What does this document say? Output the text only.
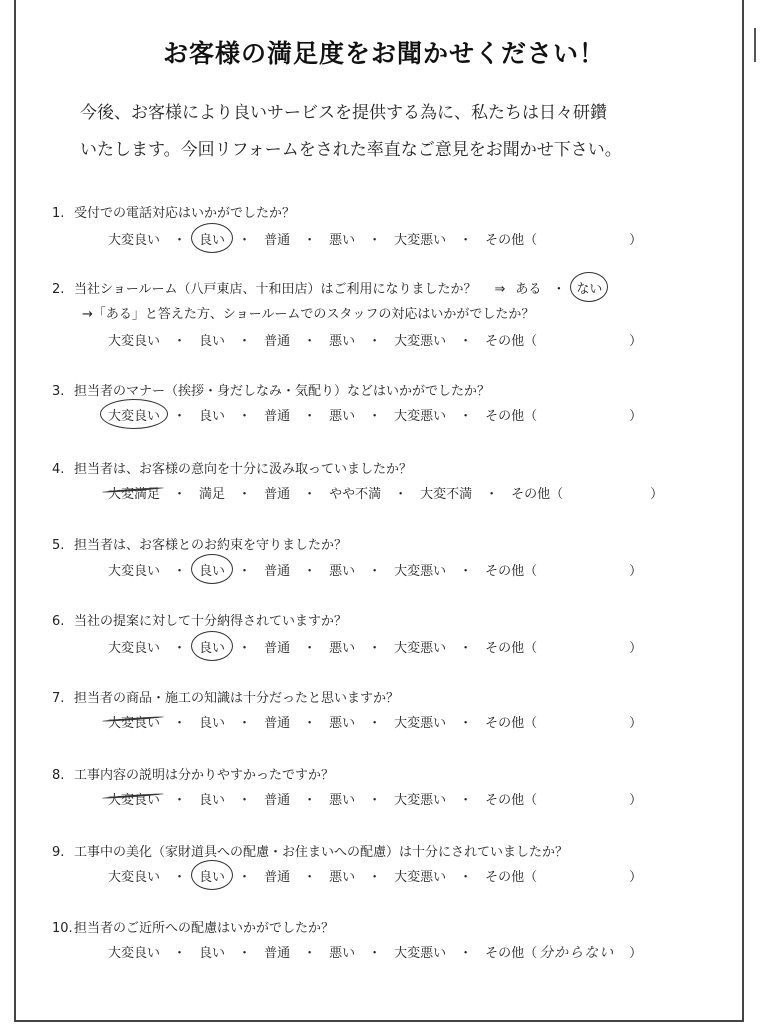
お客様の満足度をお聞かせください！
今後、お客様により良いサービスを提供する為に、私たちは日々研鑽
いたします。今回リフォームをされた率直なご意見をお聞かせ下さい。
1. 受付での電話対応はいかがでしたか？
大変良い ・ 良い ・ 普通 ・ 悪い ・ 大変悪い ・ その他（	）
2. 当社ショールーム（八戸東店、十和田店）はご利用になりましたか？ ⇒ ある ・ ない
→「ある」と答えた方、ショールームでのスタッフの対応はいかがでしたか？
大変良い ・ 良い ・ 普通 ・ 悪い ・ 大変悪い ・ その他（	）
3. 担当者のマナー（挨拶・身だしなみ・気配り）などはいかがでしたか？
大変良い ・ 良い ・ 普通 ・ 悪い ・ 大変悪い ・ その他（	）
4. 担当者は、お客様の意向を十分に汲み取っていましたか？
大変満足 ・ 満足 ・ 普通 ・ やや不満 ・ 大変不満 ・ その他（	）
5. 担当者は、お客様とのお約束を守りましたか？
大変良い ・ 良い ・ 普通 ・ 悪い ・ 大変悪い ・ その他（	）
6. 当社の提案に対して十分納得されていますか？
大変良い ・ 良い ・ 普通 ・ 悪い ・ 大変悪い ・ その他（	）
7. 担当者の商品・施工の知識は十分だったと思いますか？
大変良い ・ 良い ・ 普通 ・ 悪い ・ 大変悪い ・ その他（	）
8. 工事内容の説明は分かりやすかったですか？
大変良い ・ 良い ・ 普通 ・ 悪い ・ 大変悪い ・ その他（	）
9. 工事中の美化（家財道具への配慮・お住まいへの配慮）は十分にされていましたか？
大変良い ・ 良い ・ 普通 ・ 悪い ・ 大変悪い ・ その他（	）
10.担当者のご近所への配慮はいかがでしたか？
大変良い ・ 良い ・ 普通 ・ 悪い ・ 大変悪い ・ その他（ 分からない ）
